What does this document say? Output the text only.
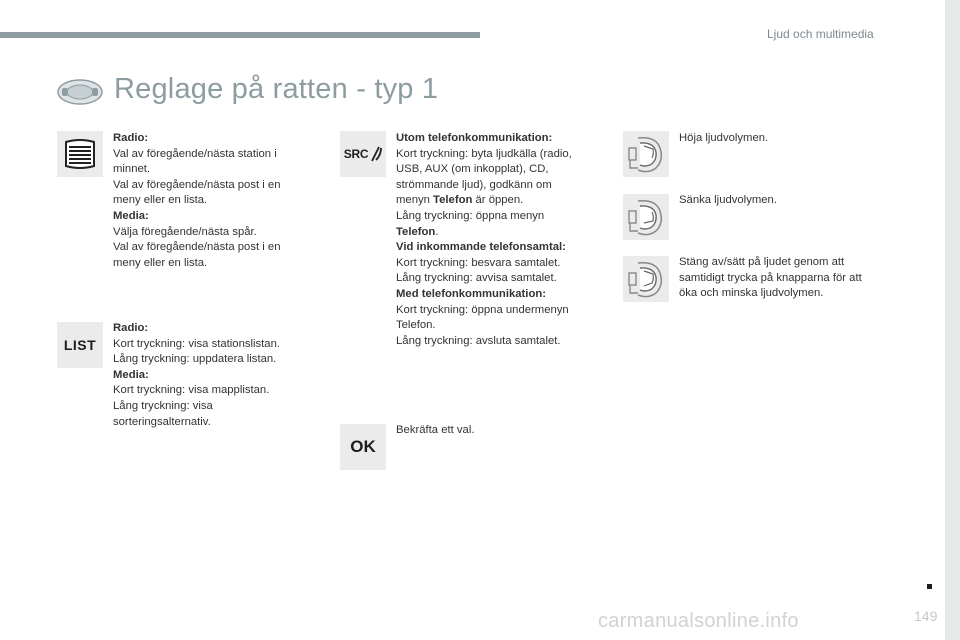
Ljud och multimedia
Reglage på ratten - typ 1
Radio:
Val av föregående/nästa station i
minnet.
Val av föregående/nästa post i en
meny eller en lista.
Media:
Välja föregående/nästa spår.
Val av föregående/nästa post i en
meny eller en lista.
LIST
Radio:
Kort tryckning: visa stationslistan.
Lång tryckning: uppdatera listan.
Media:
Kort tryckning: visa mapplistan.
Lång tryckning: visa
sorteringsalternativ.
SRC
Utom telefonkommunikation:
Kort tryckning: byta ljudkälla (radio,
USB, AUX (om inkopplat), CD,
strömmande ljud), godkänn om
menyn Telefon är öppen.
Lång tryckning: öppna menyn
Telefon.
Vid inkommande telefonsamtal:
Kort tryckning: besvara samtalet.
Lång tryckning: avvisa samtalet.
Med telefonkommunikation:
Kort tryckning: öppna undermenyn
Telefon.
Lång tryckning: avsluta samtalet.
OK
Bekräfta ett val.
Höja ljudvolymen.
Sänka ljudvolymen.
Stäng av/sätt på ljudet genom att
samtidigt trycka på knapparna för att
öka och minska ljudvolymen.
149
carmanualsonline.info
